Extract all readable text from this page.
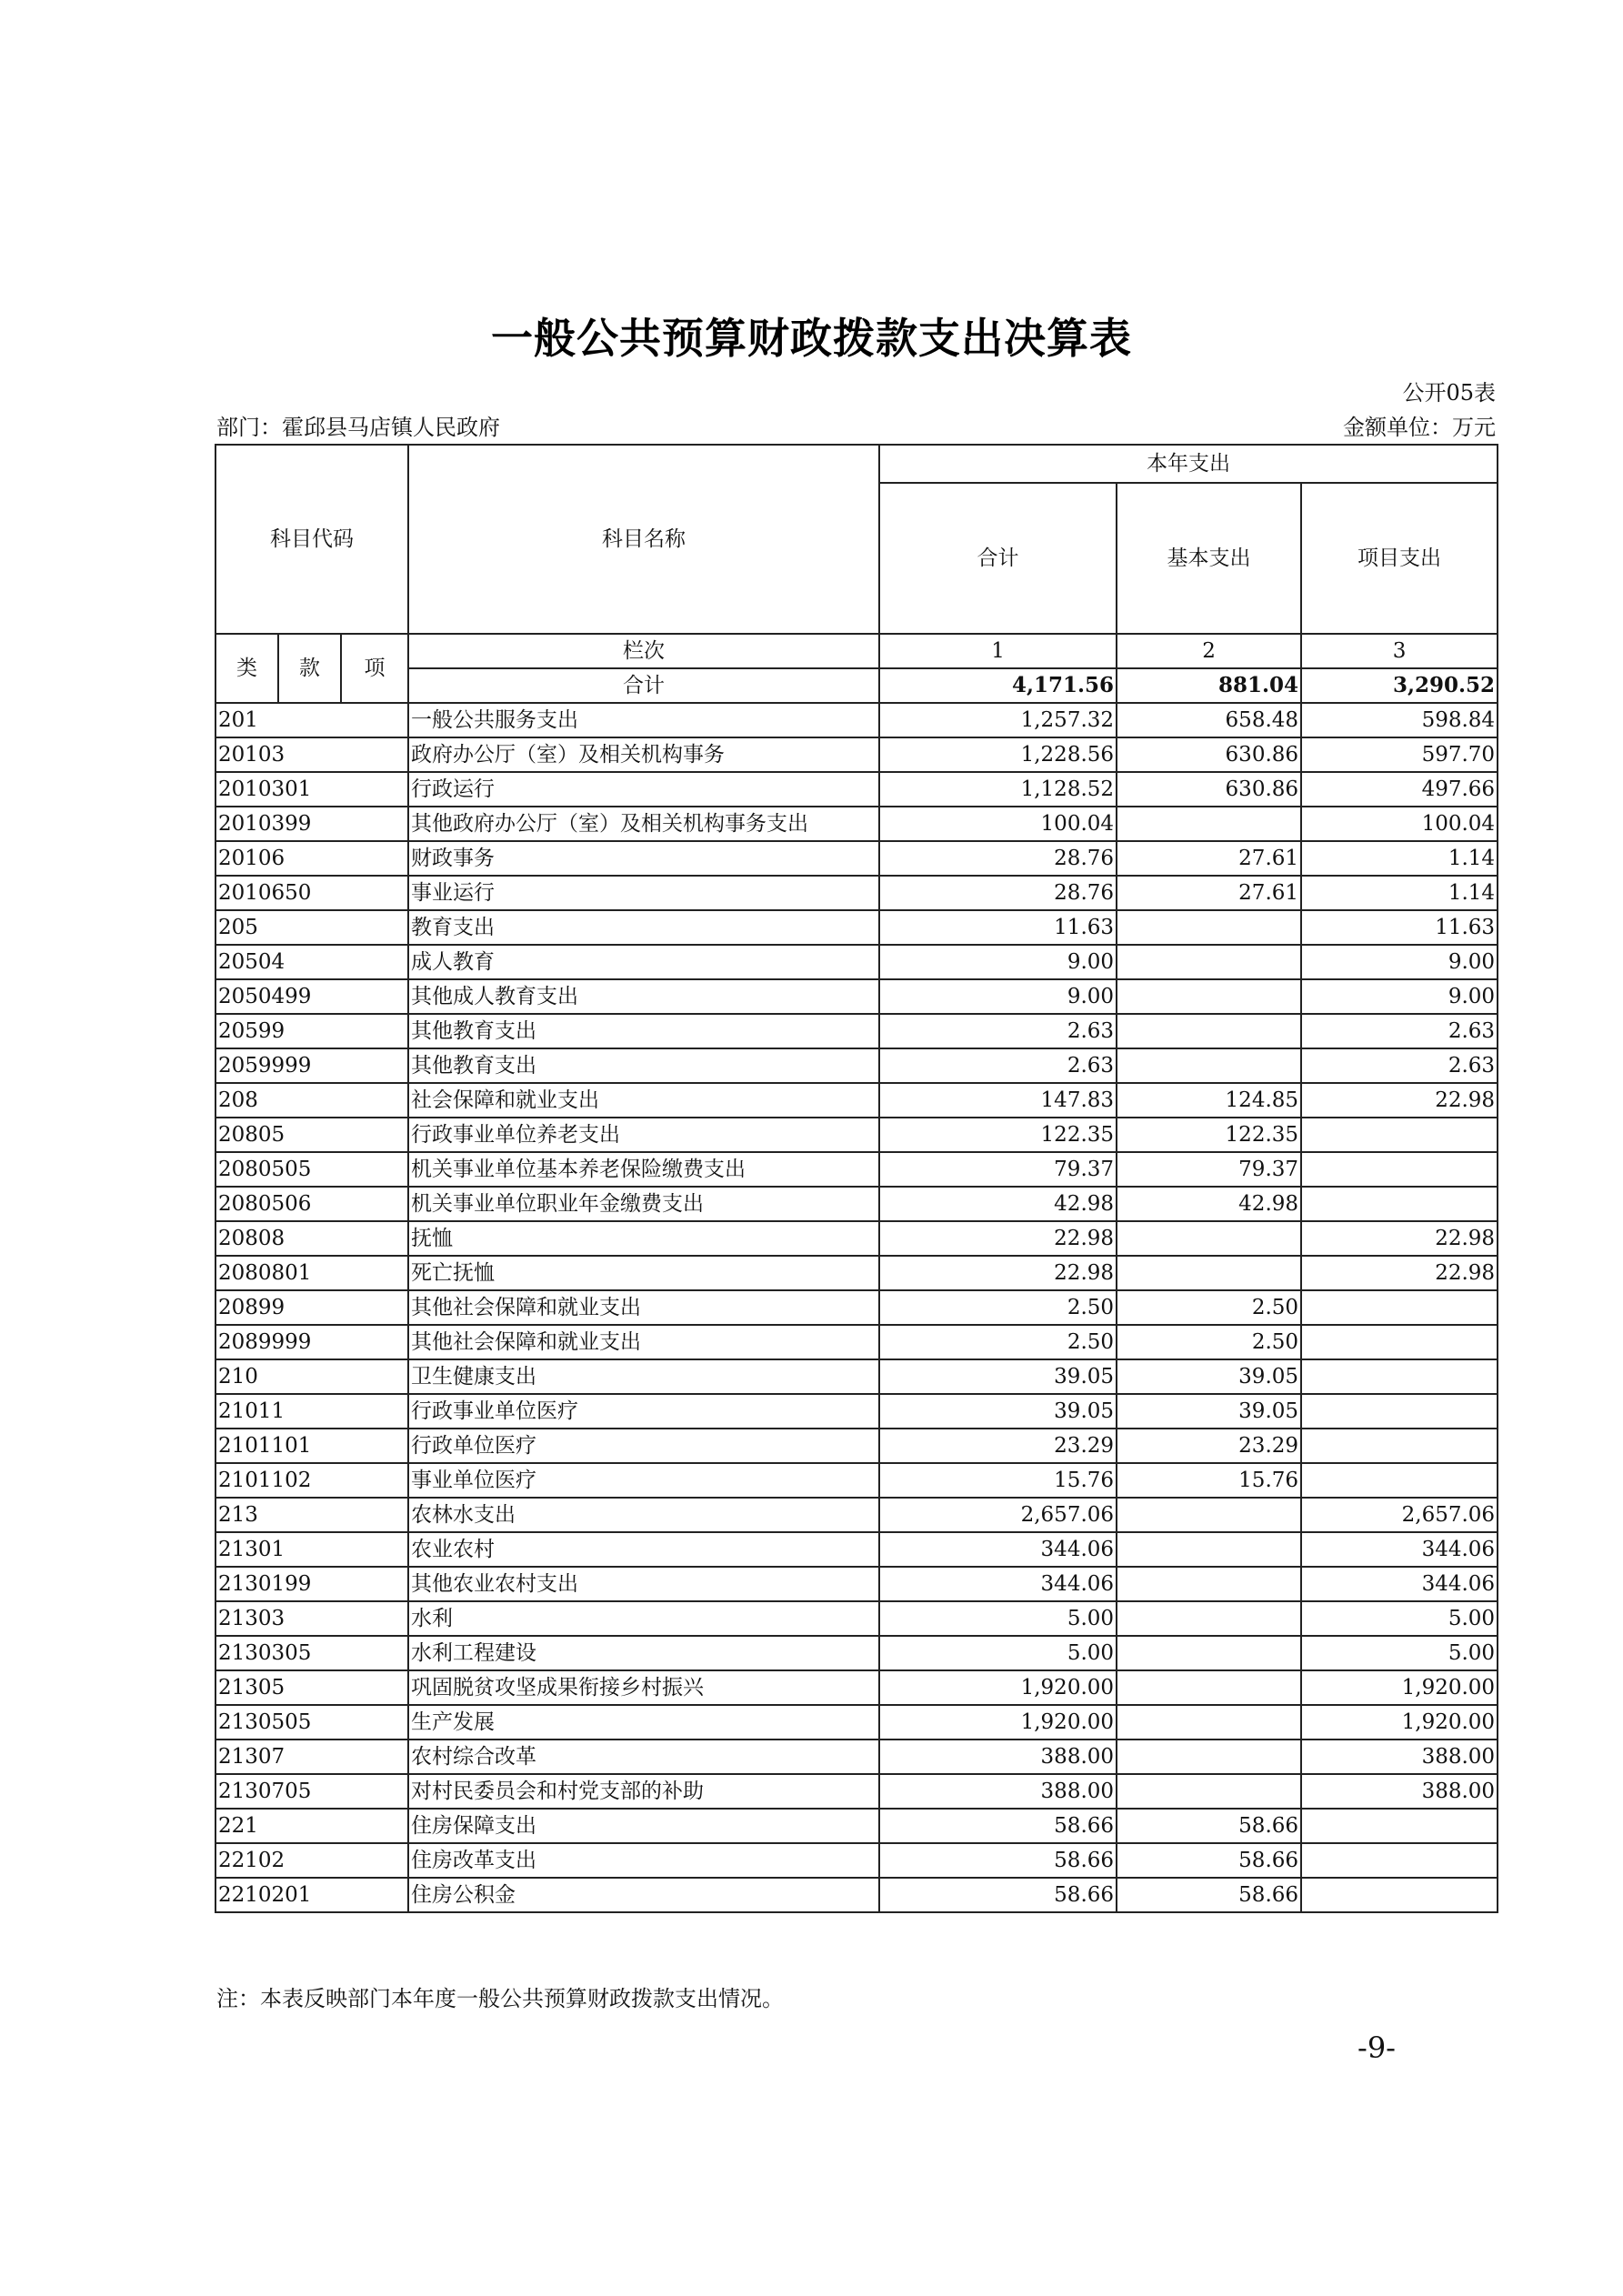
一般公共预算财政拨款支出决算表
公开05表
部门：霍邱县马店镇人民政府	金额单位：万元
科目代码			科目名称	本年支出		
				合计	基本支出	项目支出
类	款	项	栏次	1	2	3
			合计	4,171.56	881.04	3,290.52
201			一般公共服务支出	1,257.32	658.48	598.84
20103			政府办公厅（室）及相关机构事务	1,228.56	630.86	597.70
2010301			行政运行	1,128.52	630.86	497.66
2010399			其他政府办公厅（室）及相关机构事务支出	100.04		100.04
20106			财政事务	28.76	27.61	1.14
2010650			事业运行	28.76	27.61	1.14
205			教育支出	11.63		11.63
20504			成人教育	9.00		9.00
2050499			其他成人教育支出	9.00		9.00
20599			其他教育支出	2.63		2.63
2059999			其他教育支出	2.63		2.63
208			社会保障和就业支出	147.83	124.85	22.98
20805			行政事业单位养老支出	122.35	122.35	
2080505			机关事业单位基本养老保险缴费支出	79.37	79.37	
2080506			机关事业单位职业年金缴费支出	42.98	42.98	
20808			抚恤	22.98		22.98
2080801			死亡抚恤	22.98		22.98
20899			其他社会保障和就业支出	2.50	2.50	
2089999			其他社会保障和就业支出	2.50	2.50	
210			卫生健康支出	39.05	39.05	
21011			行政事业单位医疗	39.05	39.05	
2101101			行政单位医疗	23.29	23.29	
2101102			事业单位医疗	15.76	15.76	
213			农林水支出	2,657.06		2,657.06
21301			农业农村	344.06		344.06
2130199			其他农业农村支出	344.06		344.06
21303			水利	5.00		5.00
2130305			水利工程建设	5.00		5.00
21305			巩固脱贫攻坚成果衔接乡村振兴	1,920.00		1,920.00
2130505			生产发展	1,920.00		1,920.00
21307			农村综合改革	388.00		388.00
2130705			对村民委员会和村党支部的补助	388.00		388.00
221			住房保障支出	58.66	58.66	
22102			住房改革支出	58.66	58.66	
2210201			住房公积金	58.66	58.66	
注：本表反映部门本年度一般公共预算财政拨款支出情况。
-9-
